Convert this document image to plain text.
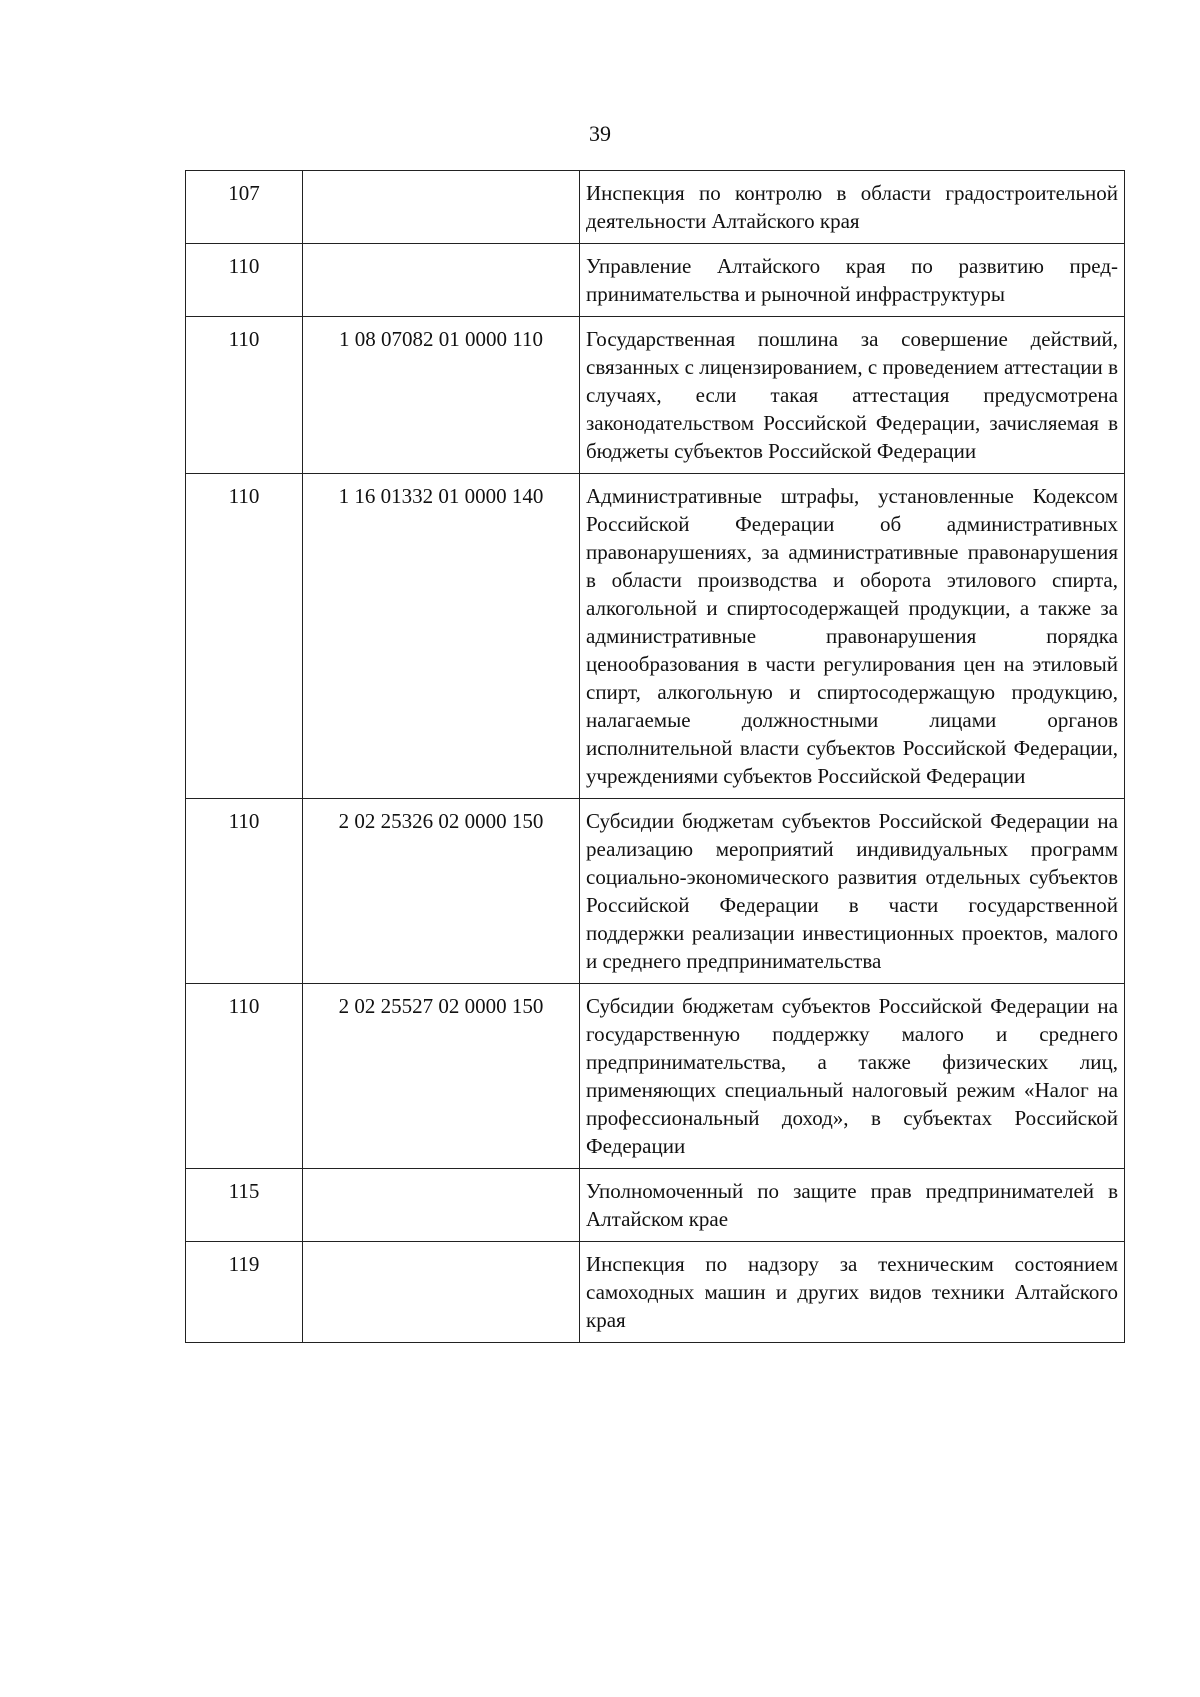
39
107		Инспекция по контролю в области градостроительной деятельности Алтайского края
110		Управление Алтайского края по развитию предпринимательства и рыночной инфраструктуры
110	1 08 07082 01 0000 110	Государственная пошлина за совершение действий, связанных с лицензированием, с проведением аттестации в случаях, если такая аттестация предусмотрена законодательством Российской Федерации, зачисляемая в бюджеты субъектов Российской Федерации
110	1 16 01332 01 0000 140	Административные штрафы, установленные Кодексом Российской Федерации об административных правонарушениях, за административные правонарушения в области производства и оборота этилового спирта, алкогольной и спиртосодержащей продукции, а также за административные правонарушения порядка ценообразования в части регулирования цен на этиловый спирт, алкогольную и спиртосодержащую продукцию, налагаемые должностными лицами органов исполнительной власти субъектов Российской Федерации, учреждениями субъектов Российской Федерации
110	2 02 25326 02 0000 150	Субсидии бюджетам субъектов Российской Федерации на реализацию мероприятий индивидуальных программ социально-экономического развития отдельных субъектов Российской Федерации в части государственной поддержки реализации инвестиционных проектов, малого и среднего предпринимательства
110	2 02 25527 02 0000 150	Субсидии бюджетам субъектов Российской Федерации на государственную поддержку малого и среднего предпринимательства, а также физических лиц, применяющих специальный налоговый режим «Налог на профессиональный доход», в субъектах Российской Федерации
115		Уполномоченный по защите прав предпринимателей в Алтайском крае
119		Инспекция по надзору за техническим состоянием самоходных машин и других видов техники Алтайского края
